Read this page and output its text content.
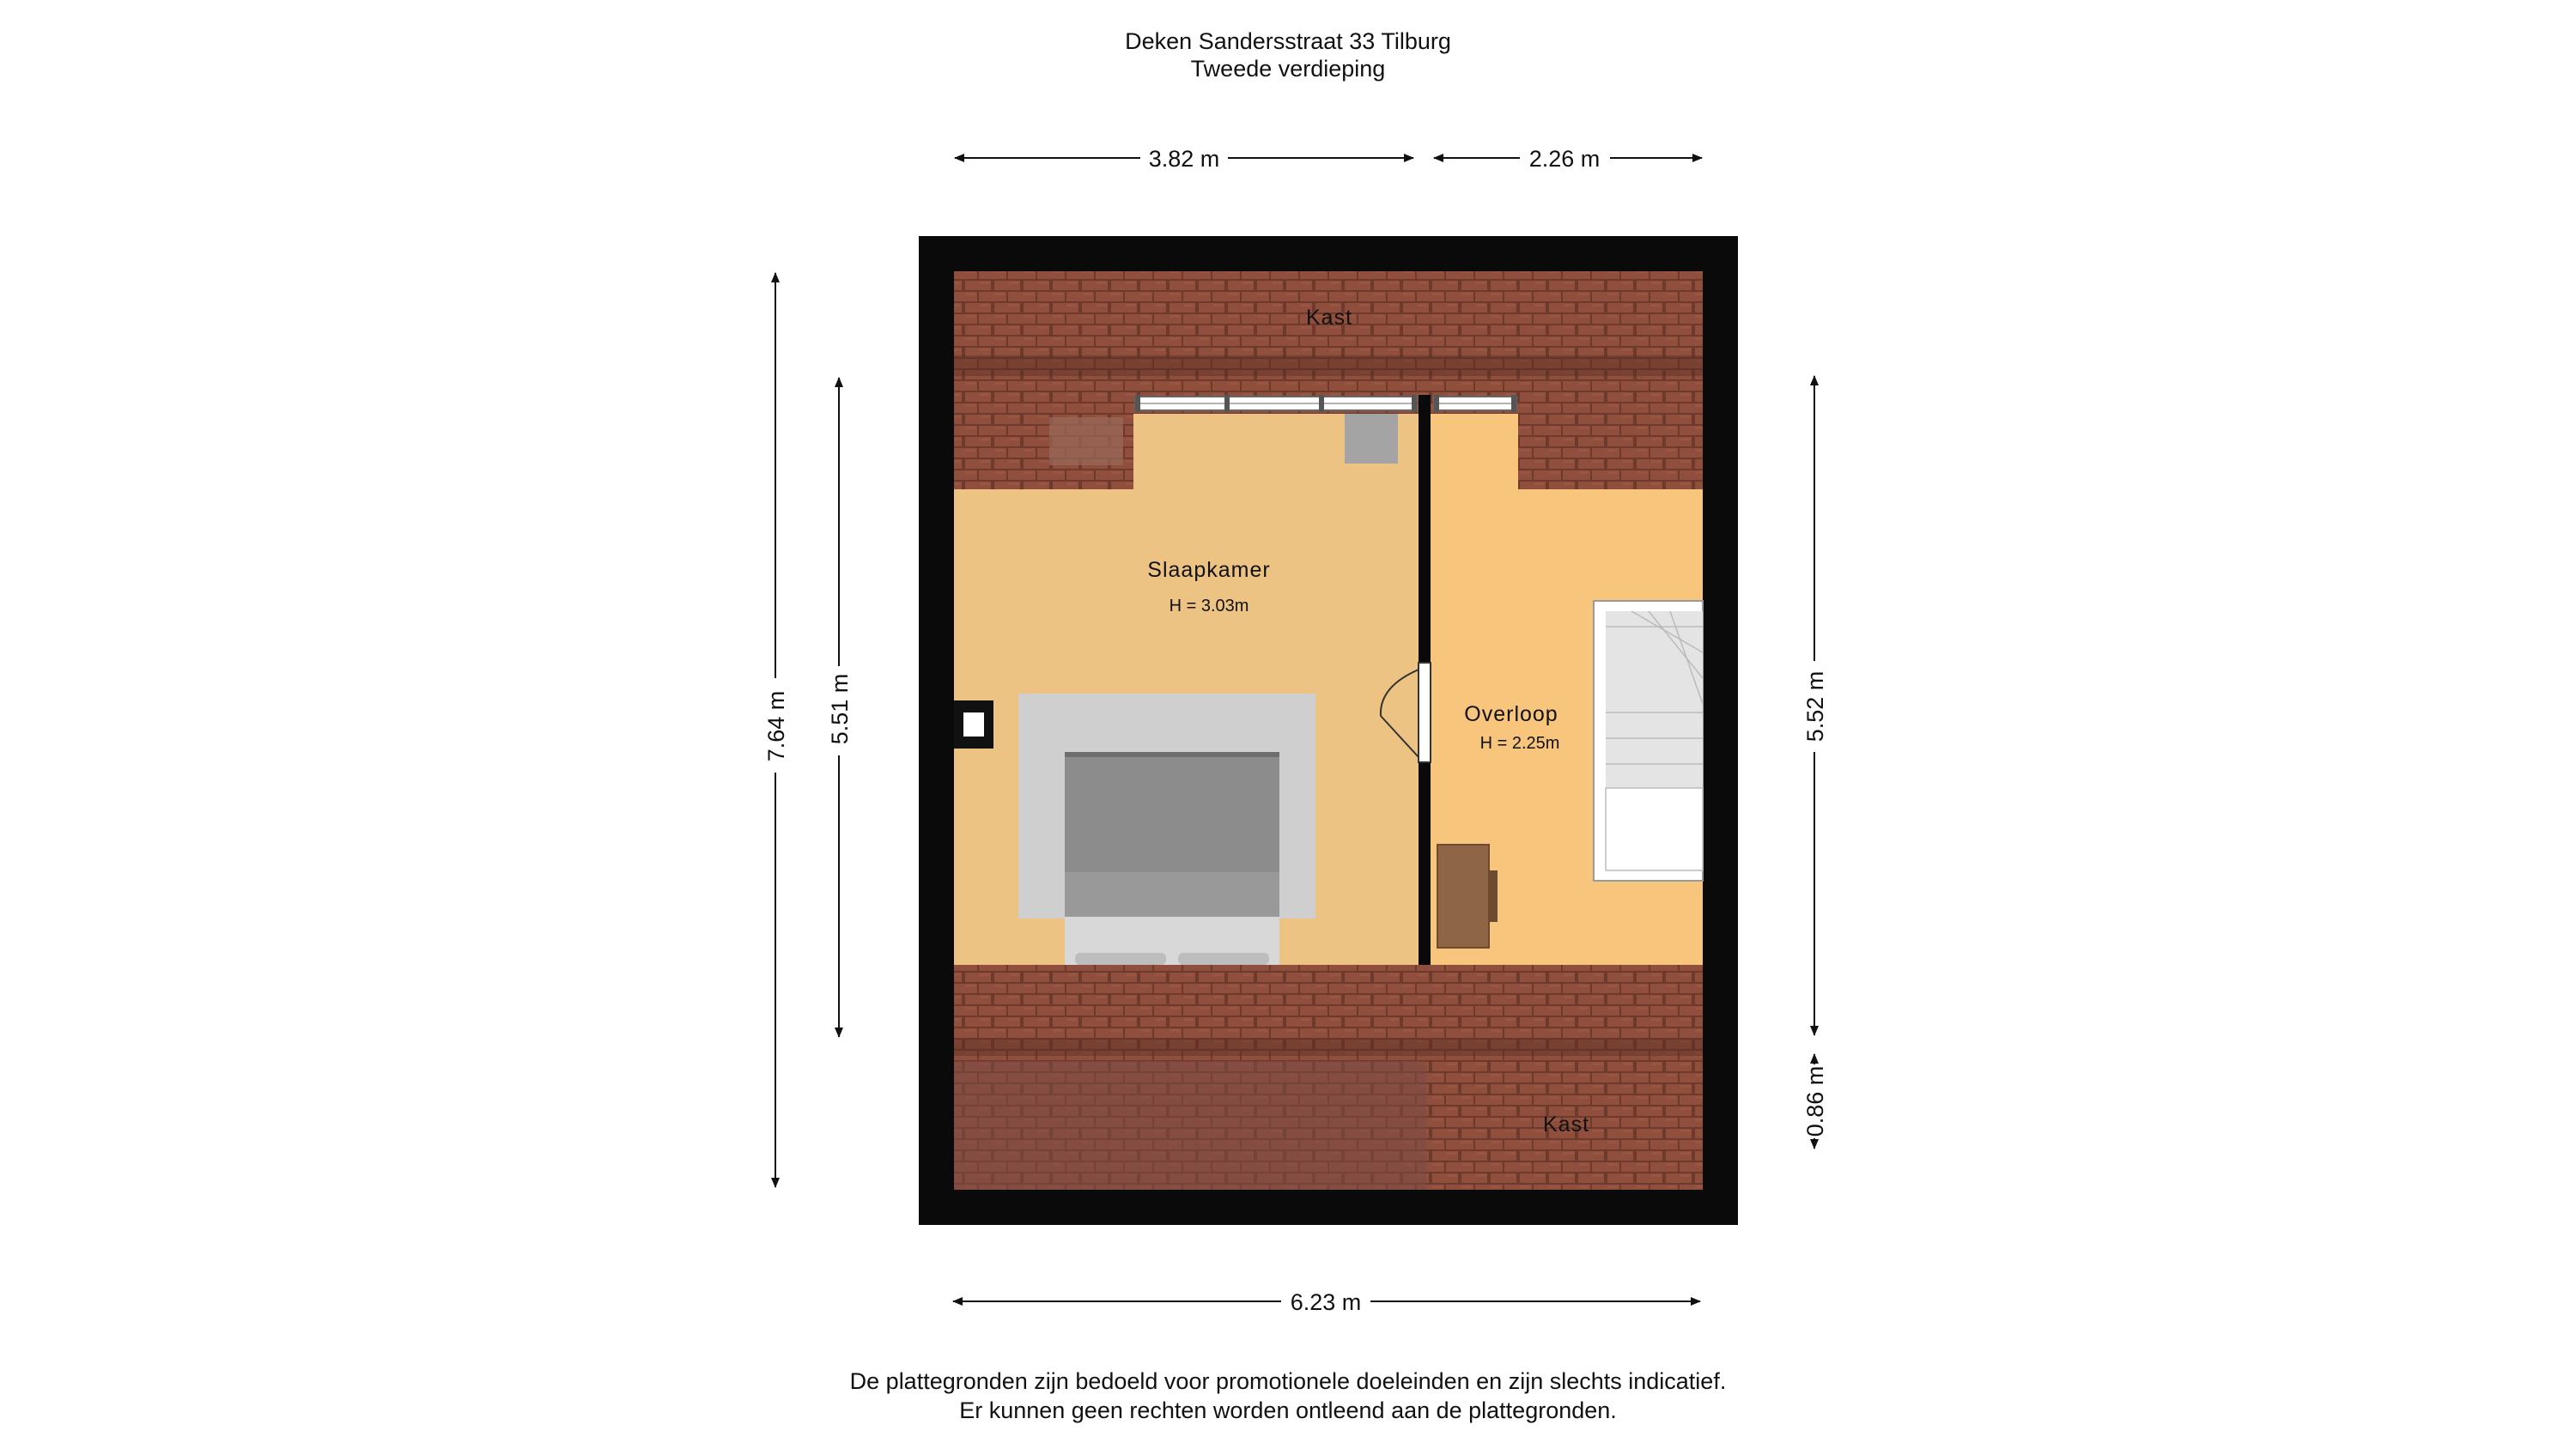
Deken Sandersstraat 33 Tilburg
Tweede verdieping
3.82 m	2.26 m
6.23 m
7.64 m 5.51 m	5.52 m
0.86 m
Kast
Slaapkamer
H = 3.03m
Overloop
H = 2.25m
Kast
De plattegronden zijn bedoeld voor promotionele doeleinden en zijn slechts indicatief.
Er kunnen geen rechten worden ontleend aan de plattegronden.
